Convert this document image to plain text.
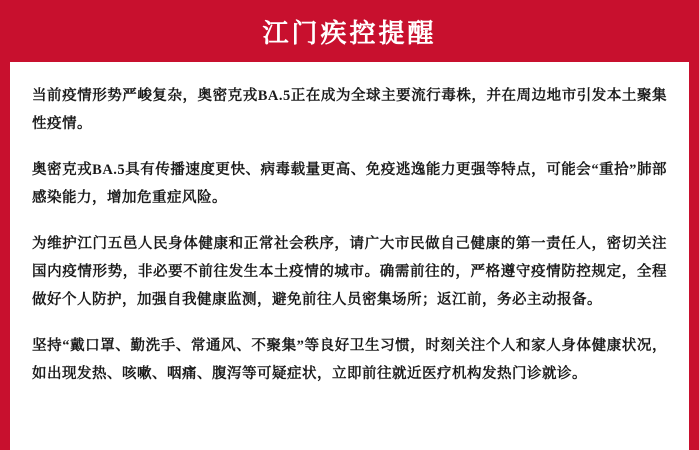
江门疾控提醒

当前疫情形势严峻复杂，奥密克戎BA.5正在成为全球主要流行毒株，并在周边地市引发本土聚集性疫情。

奥密克戎BA.5具有传播速度更快、病毒载量更高、免疫逃逸能力更强等特点，可能会“重拾”肺部感染能力，增加危重症风险。

为维护江门五邑人民身体健康和正常社会秩序，请广大市民做自己健康的第一责任人，密切关注国内疫情形势，非必要不前往发生本土疫情的城市。确需前往的，严格遵守疫情防控规定，全程做好个人防护，加强自我健康监测，避免前往人员密集场所；返江前，务必主动报备。

坚持“戴口罩、勤洗手、常通风、不聚集”等良好卫生习惯，时刻关注个人和家人身体健康状况，如出现发热、咳嗽、咽痛、腹泻等可疑症状，立即前往就近医疗机构发热门诊就诊。
